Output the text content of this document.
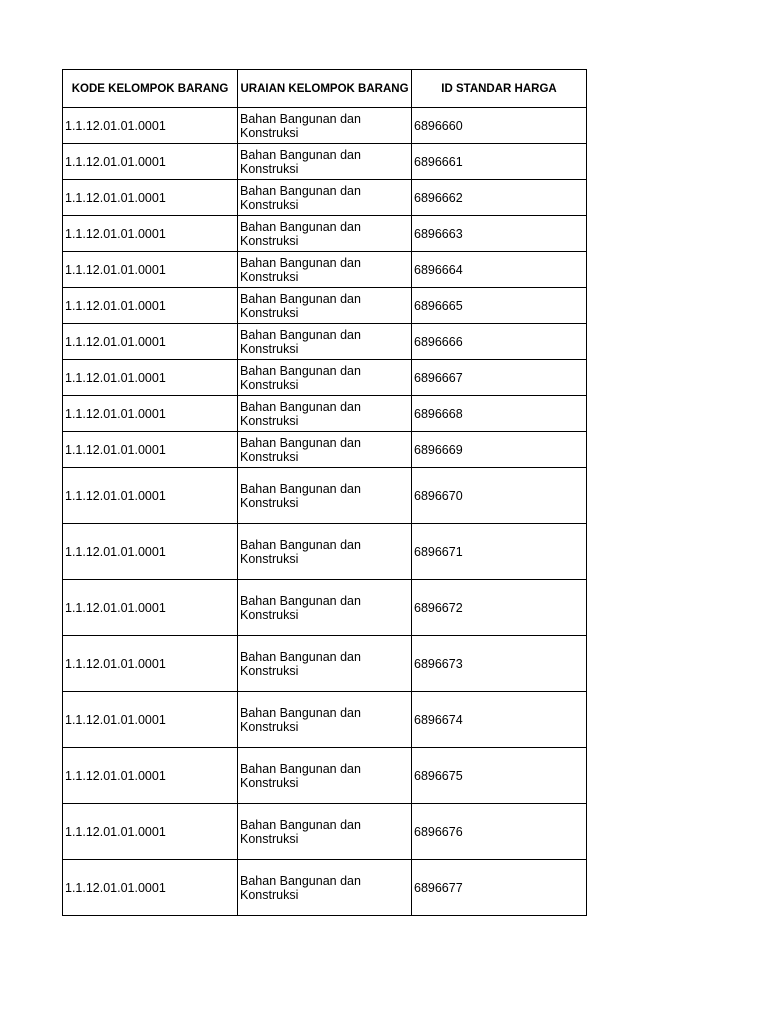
KODE KELOMPOK BARANG	URAIAN KELOMPOK BARANG	ID STANDAR HARGA
1.1.12.01.01.0001	Bahan Bangunan dan Konstruksi	6896660
1.1.12.01.01.0001	Bahan Bangunan dan Konstruksi	6896661
1.1.12.01.01.0001	Bahan Bangunan dan Konstruksi	6896662
1.1.12.01.01.0001	Bahan Bangunan dan Konstruksi	6896663
1.1.12.01.01.0001	Bahan Bangunan dan Konstruksi	6896664
1.1.12.01.01.0001	Bahan Bangunan dan Konstruksi	6896665
1.1.12.01.01.0001	Bahan Bangunan dan Konstruksi	6896666
1.1.12.01.01.0001	Bahan Bangunan dan Konstruksi	6896667
1.1.12.01.01.0001	Bahan Bangunan dan Konstruksi	6896668
1.1.12.01.01.0001	Bahan Bangunan dan Konstruksi	6896669
1.1.12.01.01.0001	Bahan Bangunan dan Konstruksi	6896670
1.1.12.01.01.0001	Bahan Bangunan dan Konstruksi	6896671
1.1.12.01.01.0001	Bahan Bangunan dan Konstruksi	6896672
1.1.12.01.01.0001	Bahan Bangunan dan Konstruksi	6896673
1.1.12.01.01.0001	Bahan Bangunan dan Konstruksi	6896674
1.1.12.01.01.0001	Bahan Bangunan dan Konstruksi	6896675
1.1.12.01.01.0001	Bahan Bangunan dan Konstruksi	6896676
1.1.12.01.01.0001	Bahan Bangunan dan Konstruksi	6896677
